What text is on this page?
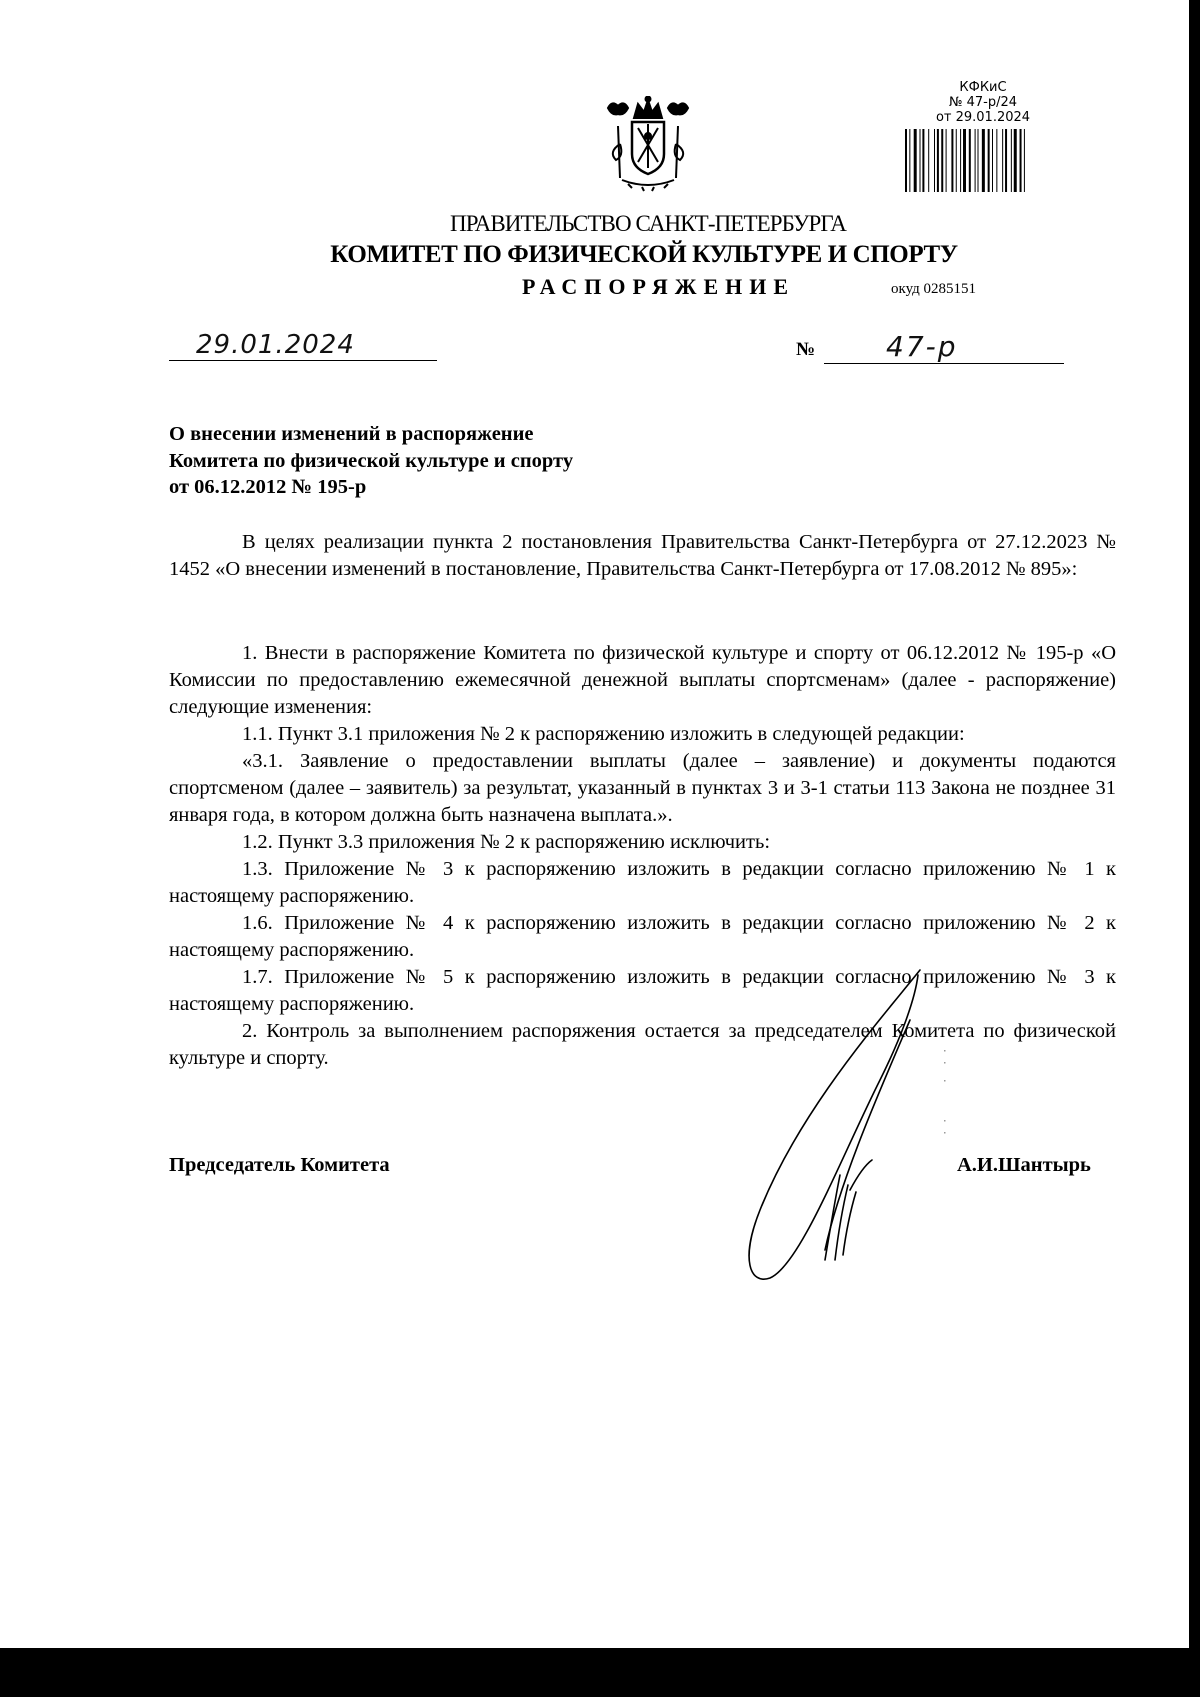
КФКиС
№ 47-р/24
от 29.01.2024
ПРАВИТЕЛЬСТВО САНКТ-ПЕТЕРБУРГА
КОМИТЕТ ПО ФИЗИЧЕСКОЙ КУЛЬТУРЕ И СПОРТУ
РАСПОРЯЖЕНИЕ	окуд 0285151
29.01.2024	№	47-р
О внесении изменений в распоряжение
Комитета по физической культуре и спорту
от 06.12.2012 № 195-р

В целях реализации пункта 2 постановления Правительства Санкт-Петербурга от 27.12.2023 № 1452 «О внесении изменений в постановление, Правительства Санкт-Петербурга от 17.08.2012 № 895»:

1. Внести в распоряжение Комитета по физической культуре и спорту от 06.12.2012 № 195-р «О Комиссии по предоставлению ежемесячной денежной выплаты спортсменам» (далее - распоряжение) следующие изменения:

1.1. Пункт 3.1 приложения № 2 к распоряжению изложить в следующей редакции:

«3.1. Заявление о предоставлении выплаты (далее – заявление) и документы подаются спортсменом (далее – заявитель) за результат, указанный в пунктах 3 и 3-1 статьи 113 Закона не позднее 31 января года, в котором должна быть назначена выплата.».

1.2. Пункт 3.3 приложения № 2 к распоряжению исключить:

1.3. Приложение № 3 к распоряжению изложить в редакции согласно приложению № 1 к настоящему распоряжению.

1.6. Приложение № 4 к распоряжению изложить в редакции согласно приложению № 2 к настоящему распоряжению.

1.7. Приложение № 5 к распоряжению изложить в редакции согласно приложению № 3 к настоящему распоряжению.

2. Контроль за выполнением распоряжения остается за председателем Комитета по физической культуре и спорту.

Председатель Комитета	А.И.Шантырь
